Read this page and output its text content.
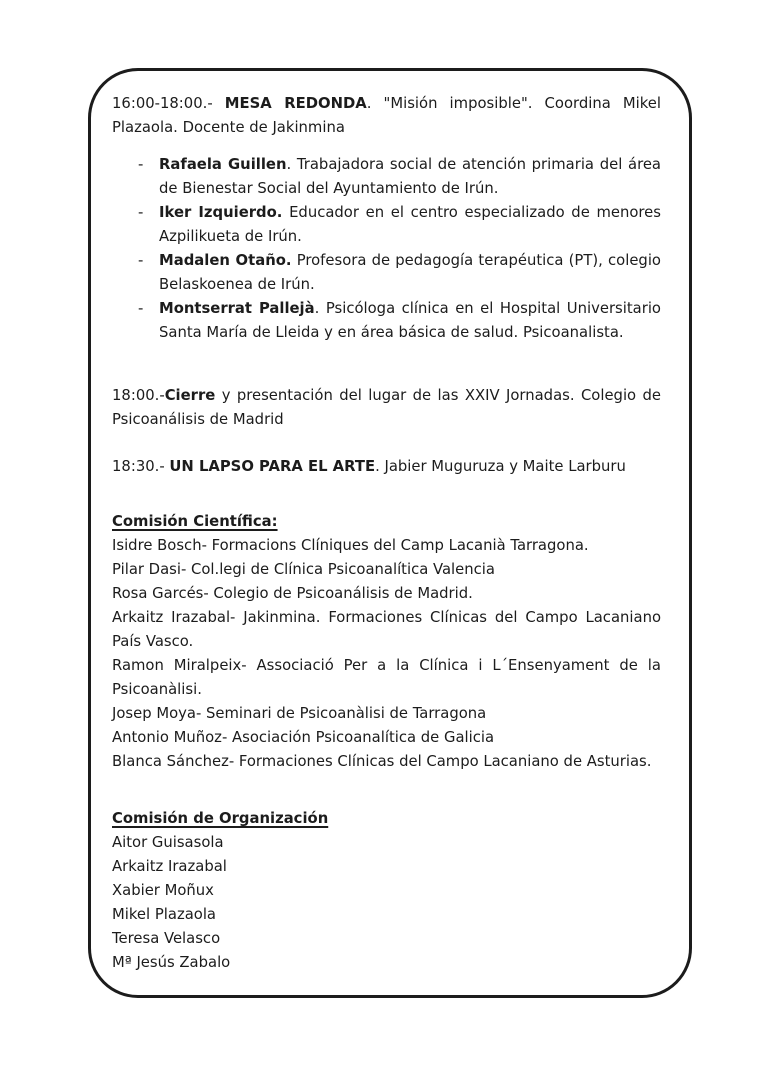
16:00-18:00.- MESA REDONDA. "Misión imposible". Coordina Mikel Plazaola. Docente de Jakinmina

- Rafaela Guillen. Trabajadora social de atención primaria del área de Bienestar Social del Ayuntamiento de Irún.
- Iker Izquierdo. Educador en el centro especializado de menores Azpilikueta de Irún.
- Madalen Otaño. Profesora de pedagogía terapéutica (PT), colegio Belaskoenea de Irún.
- Montserrat Pallejà. Psicóloga clínica en el Hospital Universitario Santa María de Lleida y en área básica de salud. Psicoanalista.

18:00.-Cierre y presentación del lugar de las XXIV Jornadas. Colegio de Psicoanálisis de Madrid

18:30.- UN LAPSO PARA EL ARTE. Jabier Muguruza y Maite Larburu

Comisión Científica:

Isidre Bosch- Formacions Clíniques del Camp Lacanià Tarragona.

Pilar Dasi- Col.legi de Clínica Psicoanalítica Valencia

Rosa Garcés- Colegio de Psicoanálisis de Madrid.

Arkaitz Irazabal- Jakinmina. Formaciones Clínicas del Campo Lacaniano País Vasco.

Ramon Miralpeix- Associació Per a la Clínica i L´Ensenyament de la Psicoanàlisi.

Josep Moya- Seminari de Psicoanàlisi de Tarragona

Antonio Muñoz- Asociación Psicoanalítica de Galicia

Blanca Sánchez- Formaciones Clínicas del Campo Lacaniano de Asturias.

Comisión de Organización

Aitor Guisasola

Arkaitz Irazabal

Xabier Moñux

Mikel Plazaola

Teresa Velasco

Mª Jesús Zabalo
